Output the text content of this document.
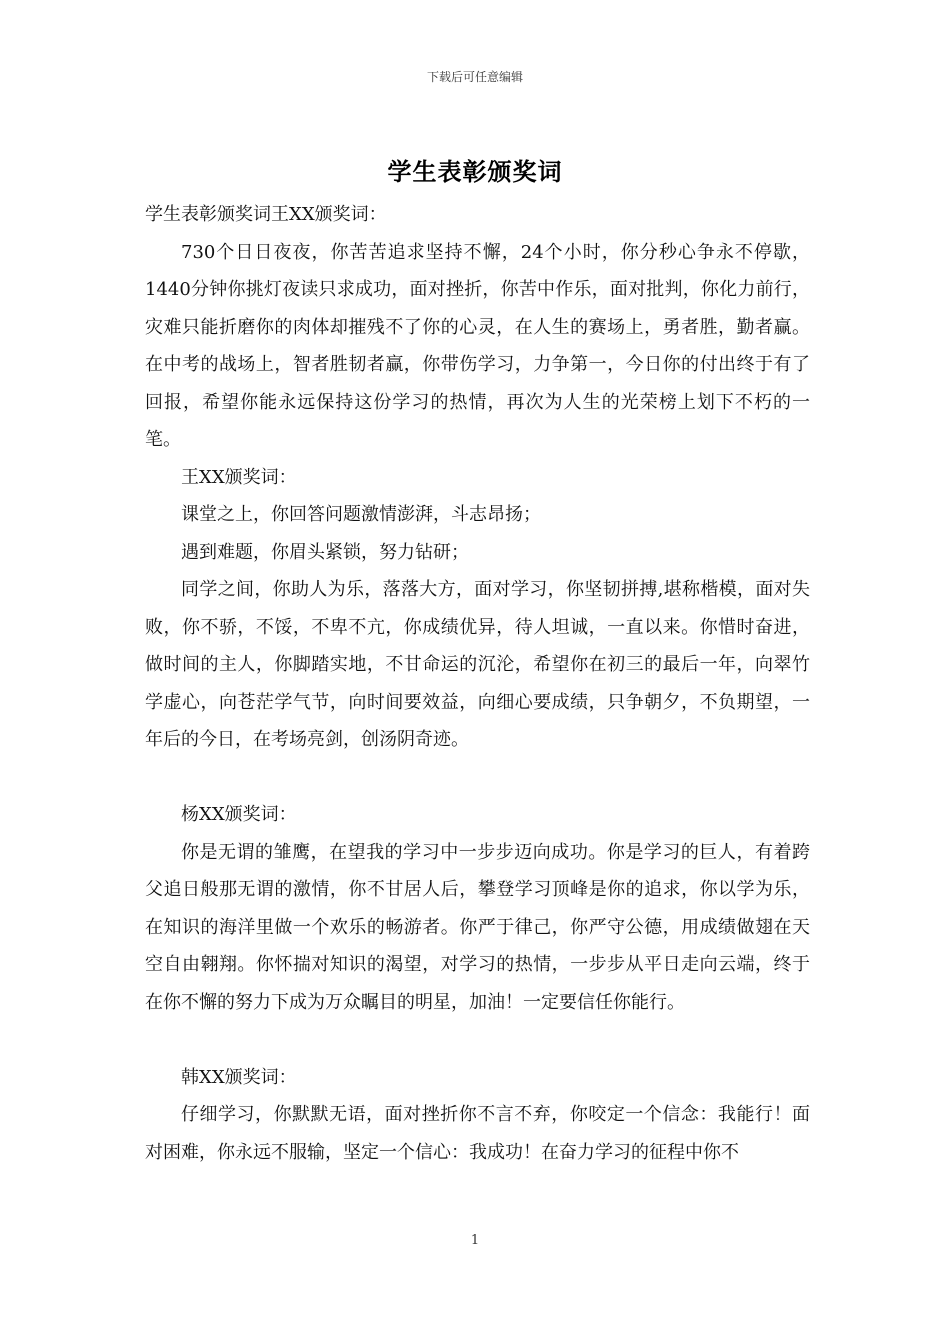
下载后可任意编辑
学生表彰颁奖词

学生表彰颁奖词王XX颁奖词：

730个日日夜夜，你苦苦追求坚持不懈，24个小时，你分秒心争永不停歇，1440分钟你挑灯夜读只求成功，面对挫折，你苦中作乐，面对批判，你化力前行，灾难只能折磨你的肉体却摧残不了你的心灵，在人生的赛场上，勇者胜，勤者赢。在中考的战场上，智者胜韧者赢，你带伤学习，力争第一，今日你的付出终于有了回报，希望你能永远保持这份学习的热情，再次为人生的光荣榜上划下不朽的一笔。

王XX颁奖词：

课堂之上，你回答问题激情澎湃，斗志昂扬；

遇到难题，你眉头紧锁，努力钻研；

同学之间，你助人为乐，落落大方，面对学习，你坚韧拼搏,堪称楷模，面对失败，你不骄，不馁，不卑不亢，你成绩优异，待人坦诚，一直以来。你惜时奋进，做时间的主人，你脚踏实地，不甘命运的沉沦，希望你在初三的最后一年，向翠竹学虚心，向苍茫学气节，向时间要效益，向细心要成绩，只争朝夕，不负期望，一年后的今日，在考场亮剑，创汤阴奇迹。

杨XX颁奖词：

你是无谓的雏鹰，在望我的学习中一步步迈向成功。你是学习的巨人，有着跨父追日般那无谓的激情，你不甘居人后，攀登学习顶峰是你的追求，你以学为乐，在知识的海洋里做一个欢乐的畅游者。你严于律己，你严守公德，用成绩做翅在天空自由翱翔。你怀揣对知识的渴望，对学习的热情，一步步从平日走向云端，终于在你不懈的努力下成为万众瞩目的明星，加油！一定要信任你能行。

韩XX颁奖词：

仔细学习，你默默无语，面对挫折你不言不弃，你咬定一个信念：我能行！面对困难，你永远不服输，坚定一个信心：我成功！在奋力学习的征程中你不

1
